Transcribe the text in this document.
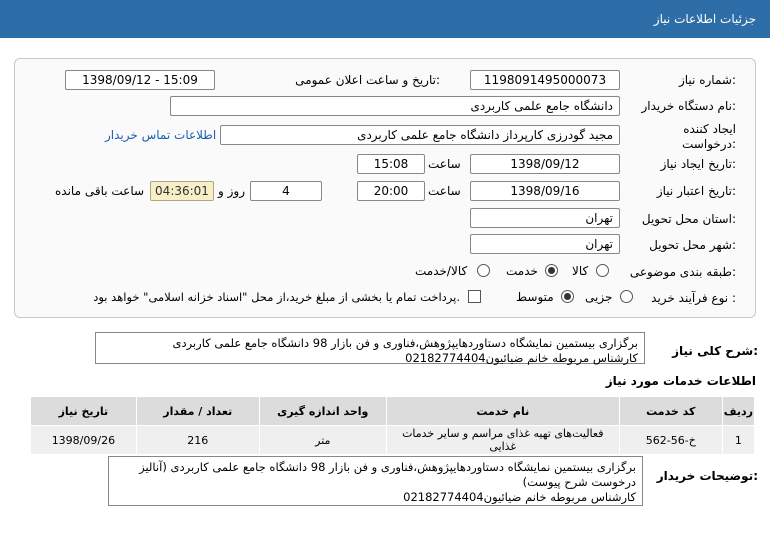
جزئیات اطلاعات نیاز
شماره نیاز:
1198091495000073
تاریخ و ساعت اعلان عمومی:
1398/09/12 - 15:09
نام دستگاه خریدار:
دانشگاه جامع علمی کاربردی
ایجاد کننده درخواست:
مجید گودرزی کارپرداز دانشگاه جامع علمی کاربردی
اطلاعات تماس خریدار
تاریخ ایجاد نیاز:
1398/09/12
ساعت
15:08
تاریخ اعتبار نیاز:
1398/09/16
ساعت
20:00
4
روز و
04:36:01
ساعت باقی مانده
استان محل تحویل:
تهران
شهر محل تحویل:
تهران
طبقه بندی موضوعی:
کالا
خدمت
کالا/خدمت
نوع فرآیند خرید :
جزیی
متوسط
پرداخت تمام یا بخشی از مبلغ خرید،از محل "اسناد خزانه اسلامی" خواهد بود.
شرح کلی نیاز:
برگزاری بیستمین نمایشگاه دستاوردهایپژوهش،فناوری و فن بازار 98 دانشگاه جامع علمی کاربردی
کارشناس مربوطه خانم ضیائیون02182774404
اطلاعات خدمات مورد نیاز
ردیف	کد خدمت	نام خدمت	واحد اندازه گیری	تعداد / مقدار	تاریخ نیاز
1	خ-56-562	فعالیت‌های تهیه غذای مراسم و سایر خدمات غذایی	متر	216	1398/09/26
توضیحات خریدار:
برگزاری بیستمین نمایشگاه دستاوردهایپژوهش،فناوری و فن بازار 98 دانشگاه جامع علمی کاربردی (آنالیز
درخوست شرح پیوست)
کارشناس مربوطه خانم ضیائیون02182774404
